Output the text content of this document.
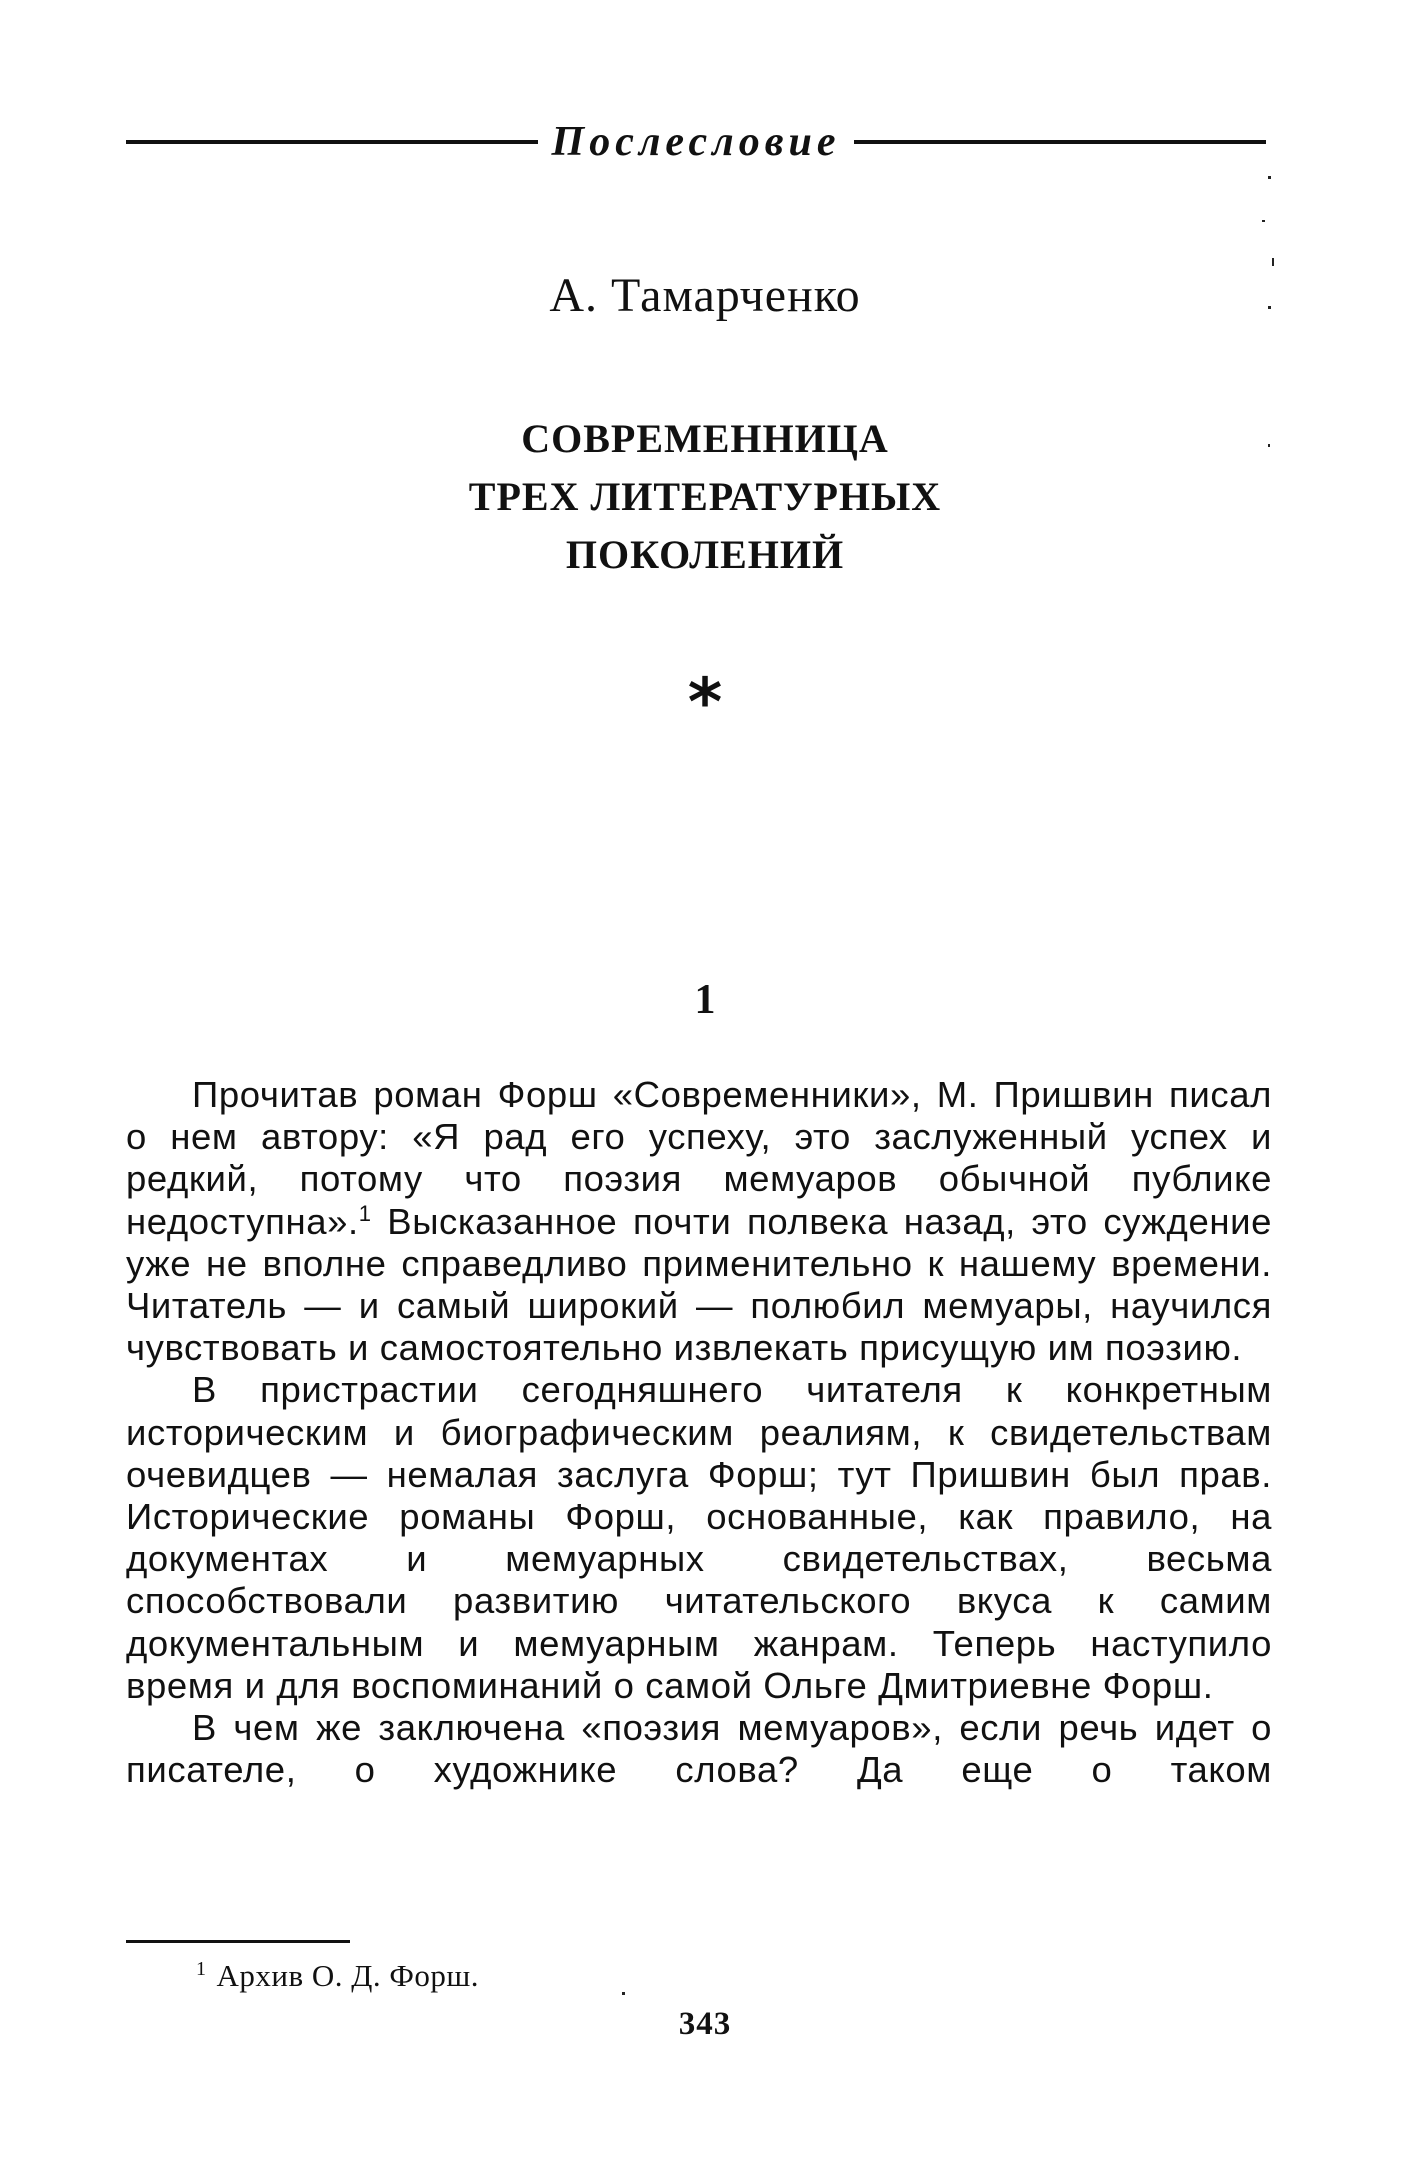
Послесловие
А. Тамарченко
СОВРЕМЕННИЦА
ТРЕХ ЛИТЕРАТУРНЫХ
ПОКОЛЕНИЙ
*
1

Прочитав роман Форш «Современники», М. Пришвин писал о нем автору: «Я рад его успеху, это заслуженный успех и редкий, потому что поэзия мемуаров обычной публике недоступна».$^1$ Высказанное почти полвека назад, это суждение уже не вполне справедливо применительно к нашему времени. Читатель — и самый широкий — полюбил мемуары, научился чувствовать и самостоятельно извлекать присущую им поэзию.

В пристрастии сегодняшнего читателя к конкретным историческим и биографическим реалиям, к свидетельствам очевидцев — немалая заслуга Форш; тут Пришвин был прав. Исторические романы Форш, основанные, как правило, на документах и мемуарных свидетельствах, весьма способствовали развитию читательского вкуса к самим документальным и мемуарным жанрам. Теперь наступило время и для воспоминаний о самой Ольге Дмитриевне Форш.

В чем же заключена «поэзия мемуаров», если речь идет о писателе, о художнике слова? Да еще о таком

$^1$ Архив О. Д. Форш.
343
